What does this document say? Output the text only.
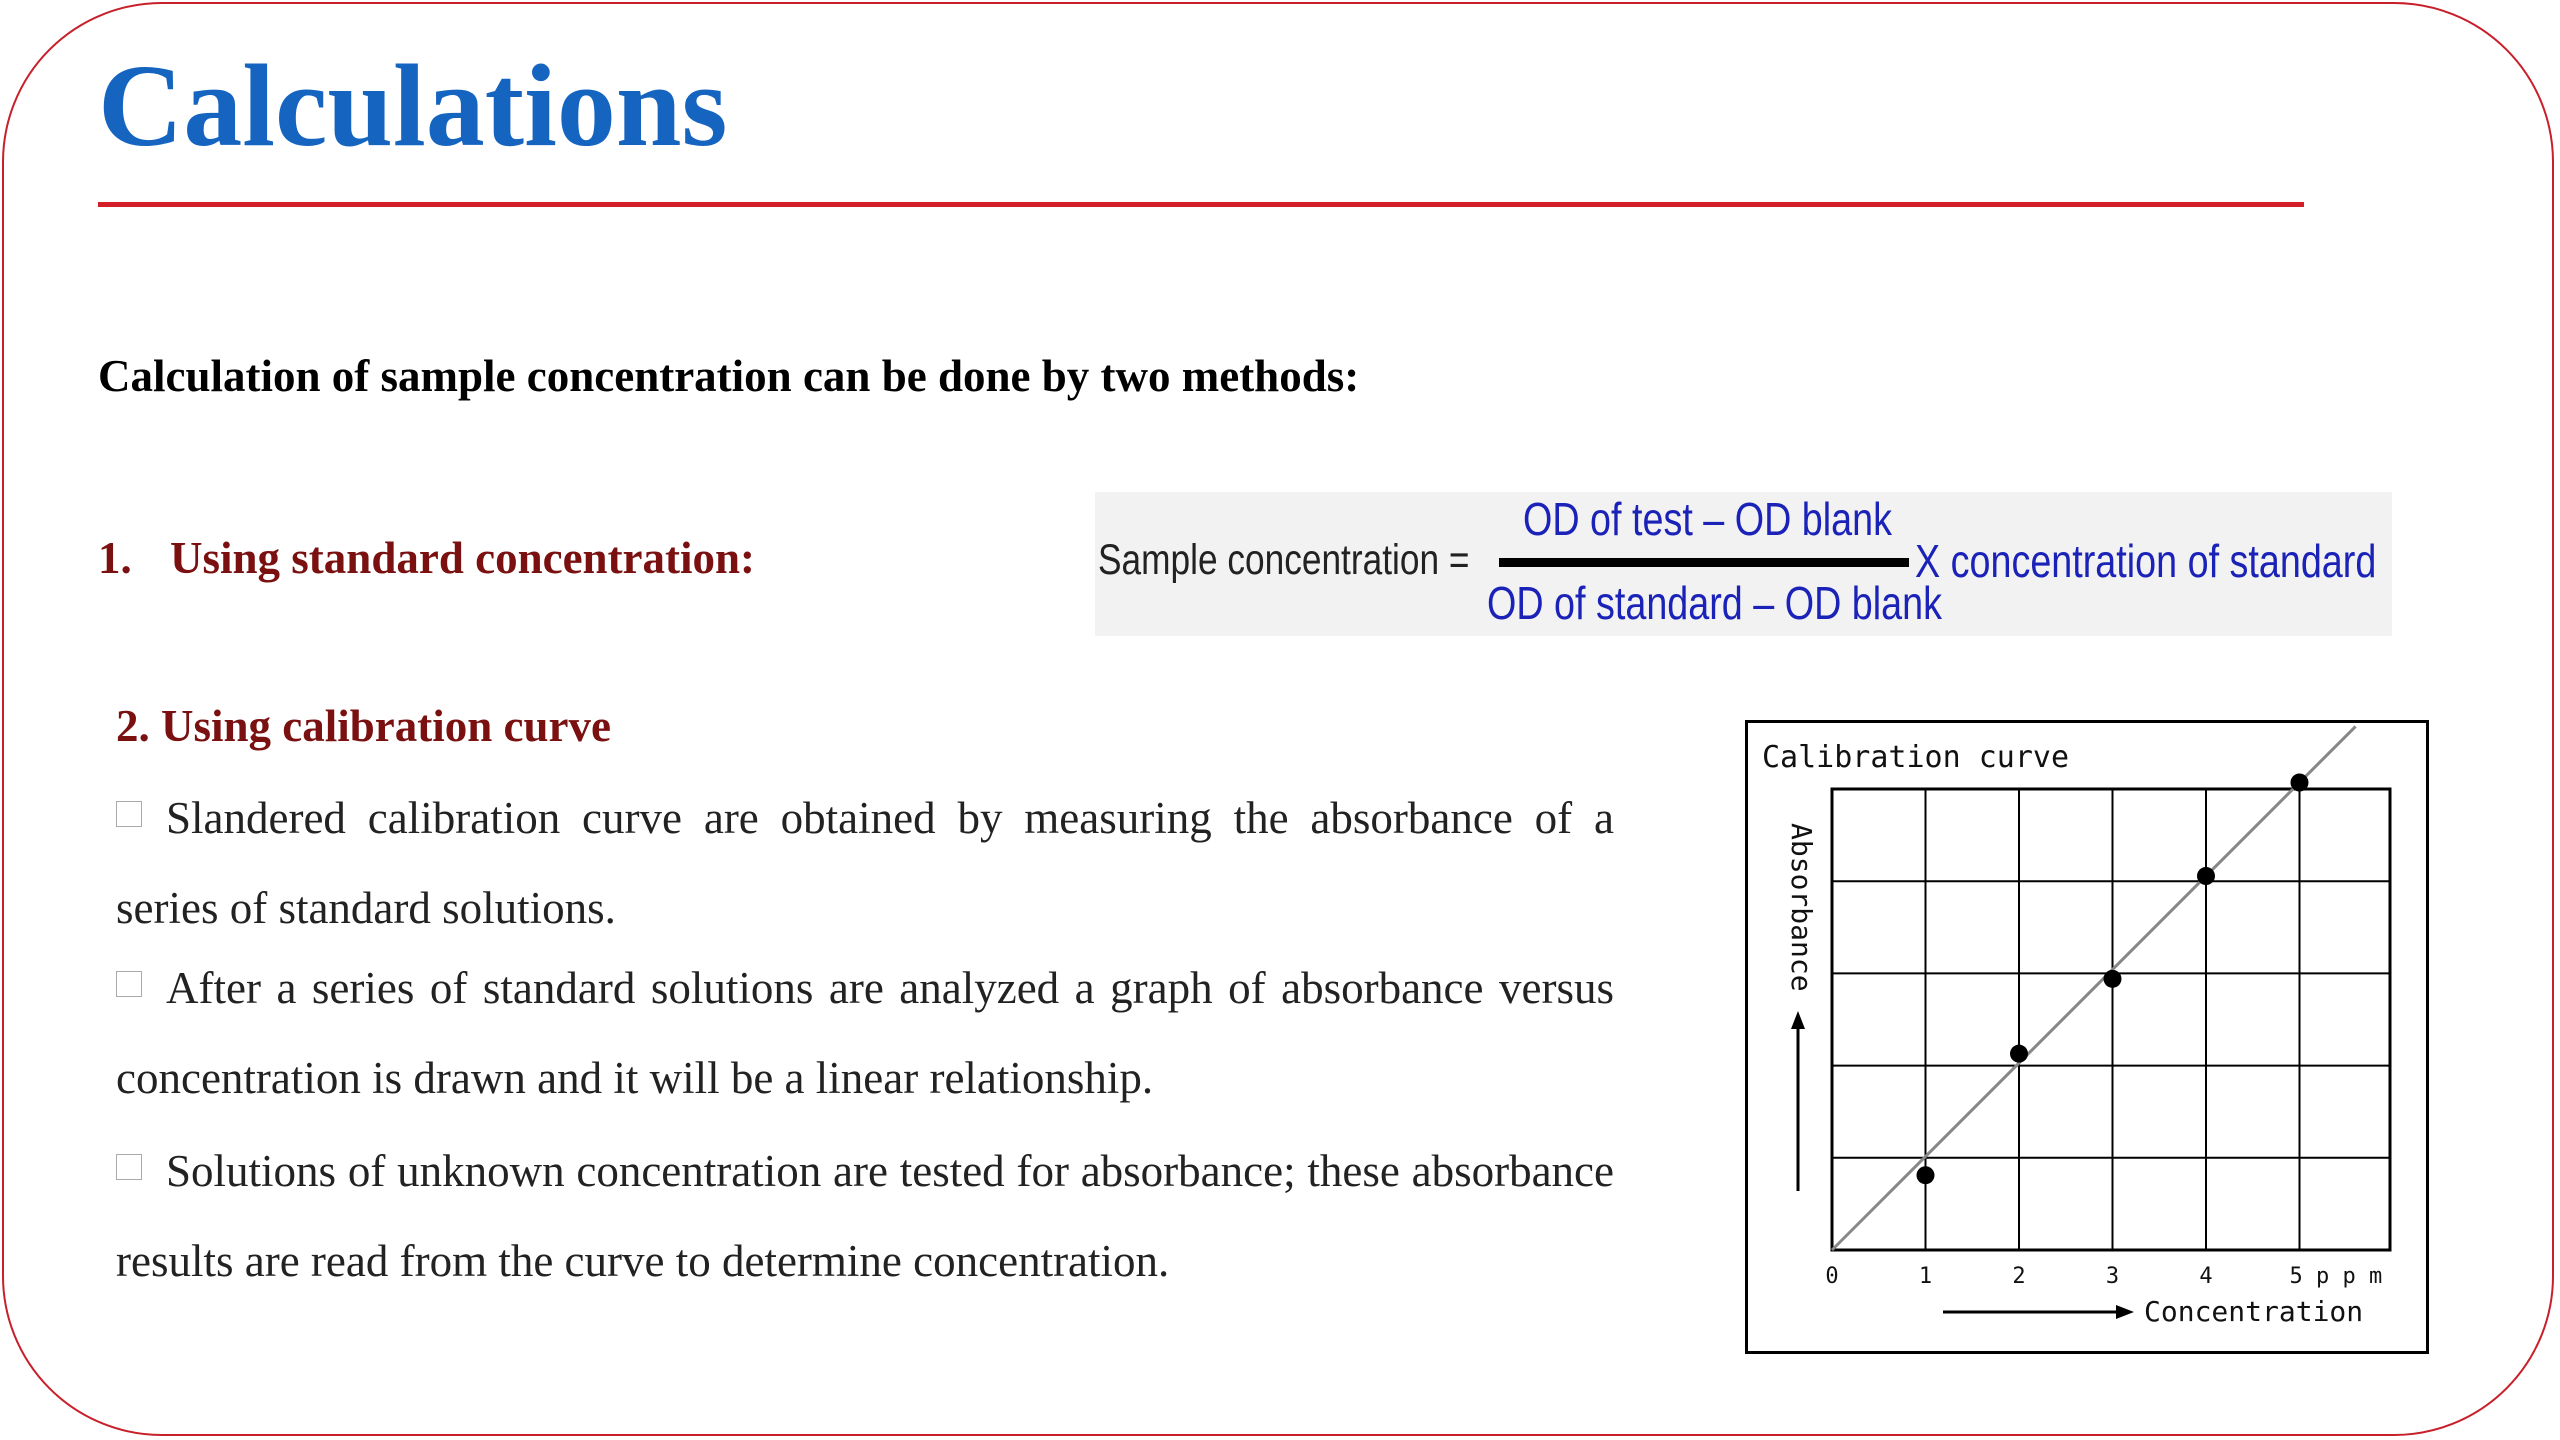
Calculations
Calculation of sample concentration can be done by two methods:
1. Using standard concentration:	Sample concentration =
OD of test – OD blank
OD of standard – OD blank
X concentration of standard
2. Using calibration curve
Slandered calibration curve are obtained by measuring the absorbance of a series of standard solutions.
After a series of standard solutions are analyzed a graph of absorbance versus concentration is drawn and it will be a linear relationship.
Solutions of unknown concentration are tested for absorbance; these absorbance results are read from the curve to determine concentration.
Calibration curve
Absorbance
Concentration
0	1	2	3	4	5 p p m
